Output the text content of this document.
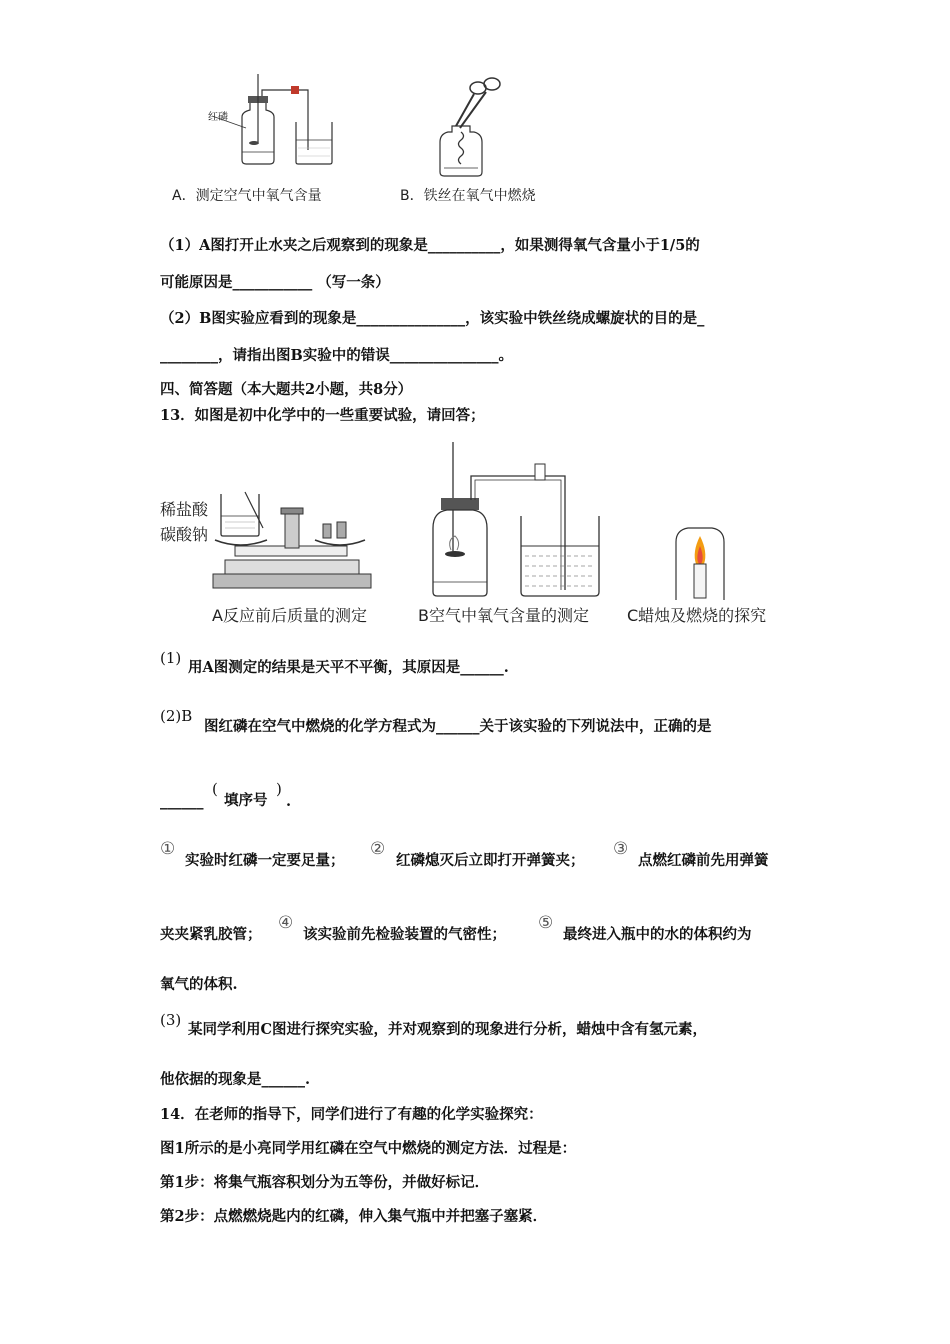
红磷
A．测定空气中氧气含量	B．铁丝在氧气中燃烧
（1）A图打开止水夹之后观察到的现象是__________，如果测得氧气含量小于1/5的
可能原因是___________ （写一条）
（2）B图实验应看到的现象是_______________，该实验中铁丝绕成螺旋状的目的是_
________，请指出图B实验中的错误_______________。
四、简答题（本大题共2小题，共8分）
13．如图是初中化学中的一些重要试验，请回答；
稀盐酸
碳酸钠
A反应前后质量的测定	B空气中氧气含量的测定 C蜡烛及燃烧的探究
(1)
用A图测定的结果是天平不平衡，其原因是______.
(2)B
图红磷在空气中燃烧的化学方程式为______关于该实验的下列说法中，正确的是
______
(
填序号
)
.
①
实验时红磷一定要足量；
②
红磷熄灭后立即打开弹簧夹；
③
点燃红磷前先用弹簧
夹夹紧乳胶管；
④
该实验前先检验装置的气密性；
⑤
最终进入瓶中的水的体积约为
氧气的体积.
(3)
某同学利用C图进行探究实验，并对观察到的现象进行分析，蜡烛中含有氢元素，
他依据的现象是______.
14．在老师的指导下，同学们进行了有趣的化学实验探究：
图1所示的是小亮同学用红磷在空气中燃烧的测定方法．过程是：
第1步：将集气瓶容积划分为五等份，并做好标记．
第2步：点燃燃烧匙内的红磷，伸入集气瓶中并把塞子塞紧．
